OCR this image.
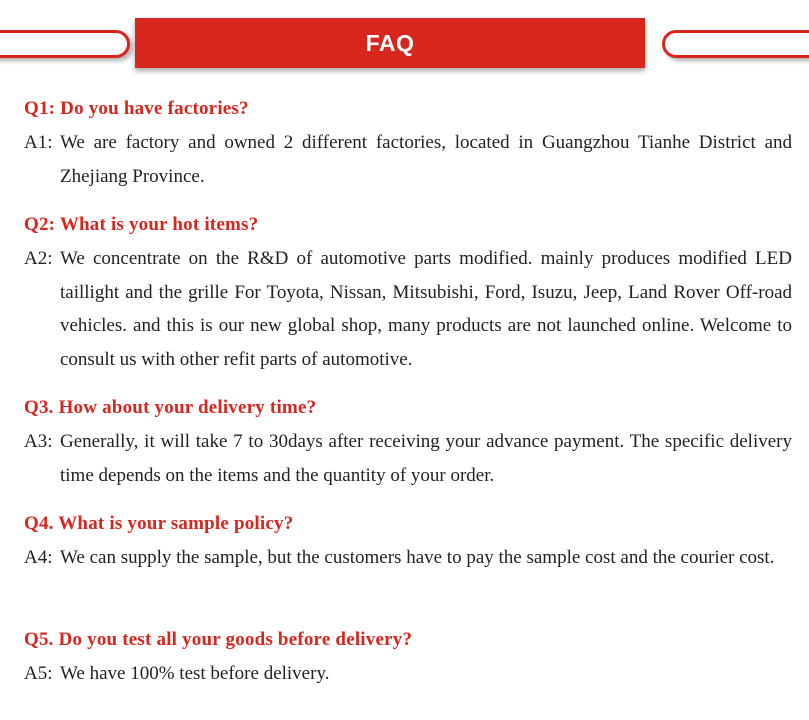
FAQ
Q1: Do you have factories?
A1: We are factory and owned 2 different factories, located in Guangzhou Tianhe District and Zhejiang Province.
Q2: What is your hot items?
A2: We concentrate on the R&D of automotive parts modified. mainly produces modified LED taillight and the grille For Toyota, Nissan, Mitsubishi, Ford, Isuzu, Jeep, Land Rover Off-road vehicles. and this is our new global shop, many products are not launched online. Welcome to consult us with other refit parts of automotive.
Q3. How about your delivery time?
A3: Generally, it will take 7 to 30days after receiving your advance payment. The specific delivery time depends on the items and the quantity of your order.
Q4. What is your sample policy?
A4: We can supply the sample, but the customers have to pay the sample cost and the courier cost.
Q5. Do you test all your goods before delivery?
A5: We have 100% test before delivery.
